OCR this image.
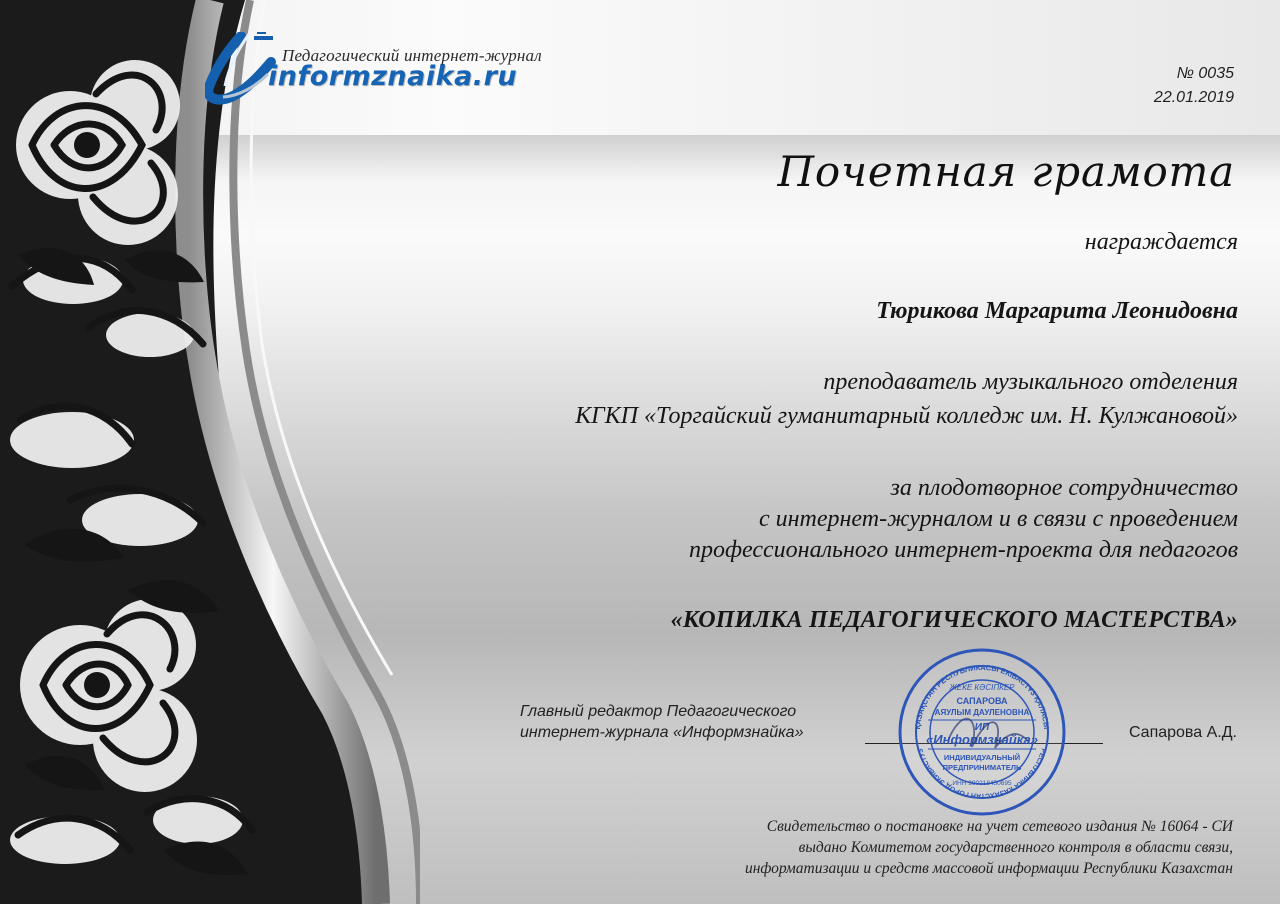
Педагогический интернет-журнал
informznaika.ru	№ 0035
22.01.2019
Почетная грамота
награждается
Тюрикова Маргарита Леонидовна
преподаватель музыкального отделения
КГКП «Торгайский гуманитарный колледж им. Н. Кулжановой»
за плодотворное сотрудничество
с интернет-журналом и в связи с проведением
профессионального интернет-проекта для педагогов
«КОПИЛКА ПЕДАГОГИЧЕСКОГО МАСТЕРСТВА»
Главный редактор Педагогического
интернет-журнала «Информзнайка»	Сапарова А.Д.
ҚАЗАҚСТАН РЕСПУБЛИКАСЫ ЕКІБАСТҰЗ ҚАЛАСЫ
РЕСПУБЛИКА КАЗАХСТАН ГОРОД ЭКИБАСТУЗ
ЖЕКЕ КӘСІПКЕР
САПАРОВА
АЯУЛЫМ ДАУЛЕНОВНА
ИП
«Информзнайка»
ИНДИВИДУАЛЬНЫЙ
ПРЕДПРИНИМАТЕЛЬ
ИНН 980218450695
Свидетельство о постановке на учет сетевого издания № 16064 - СИ
выдано Комитетом государственного контроля в области связи,
информатизации и средств массовой информации Республики Казахстан
